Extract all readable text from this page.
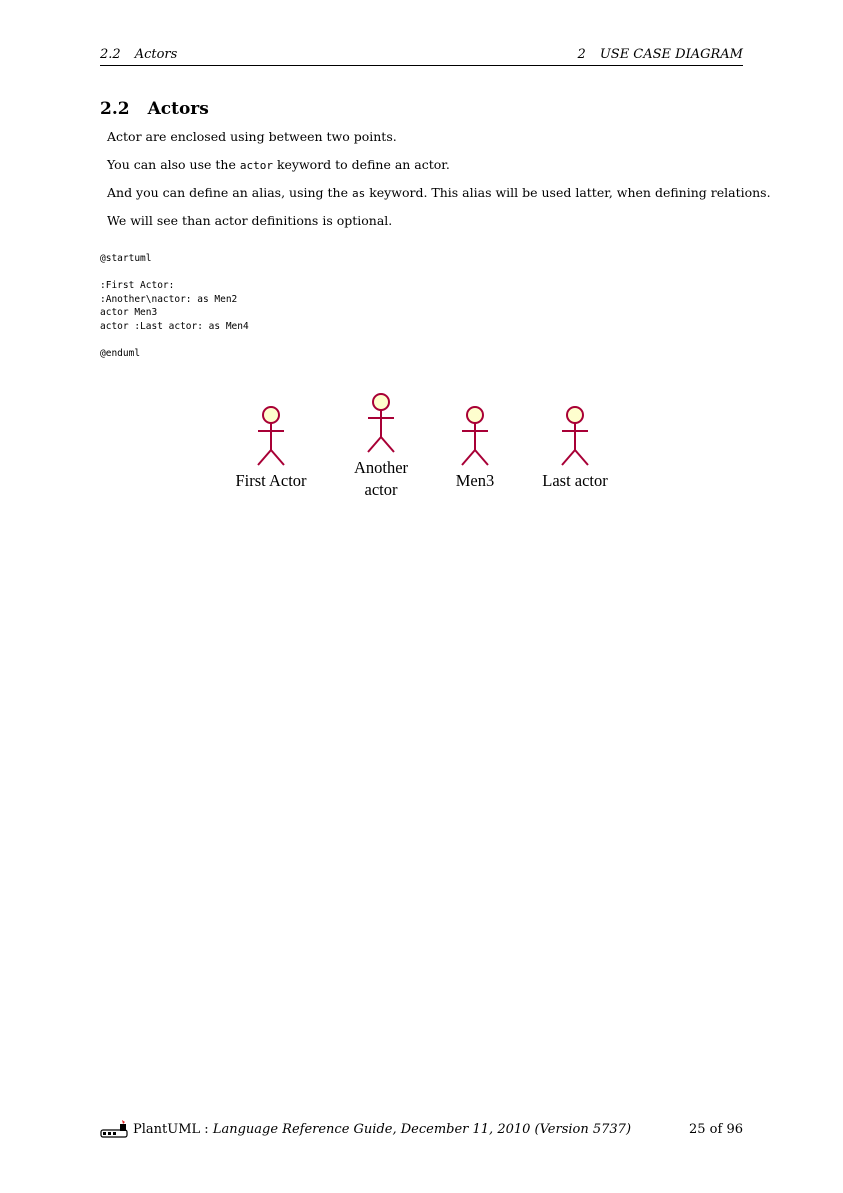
2.2 Actors	2 USE CASE DIAGRAM
2.2 Actors
Actor are enclosed using between two points.
You can also use the actor keyword to define an actor.
And you can define an alias, using the as keyword. This alias will be used latter, when defining relations.
We will see than actor definitions is optional.
@startuml
:First Actor:
:Another\nactor: as Men2
actor Men3
actor :Last actor: as Men4
@enduml
First Actor
Another
actor	Men3	Last actor
PlantUML : Language Reference Guide, December 11, 2010 (Version 5737)	25 of 96
